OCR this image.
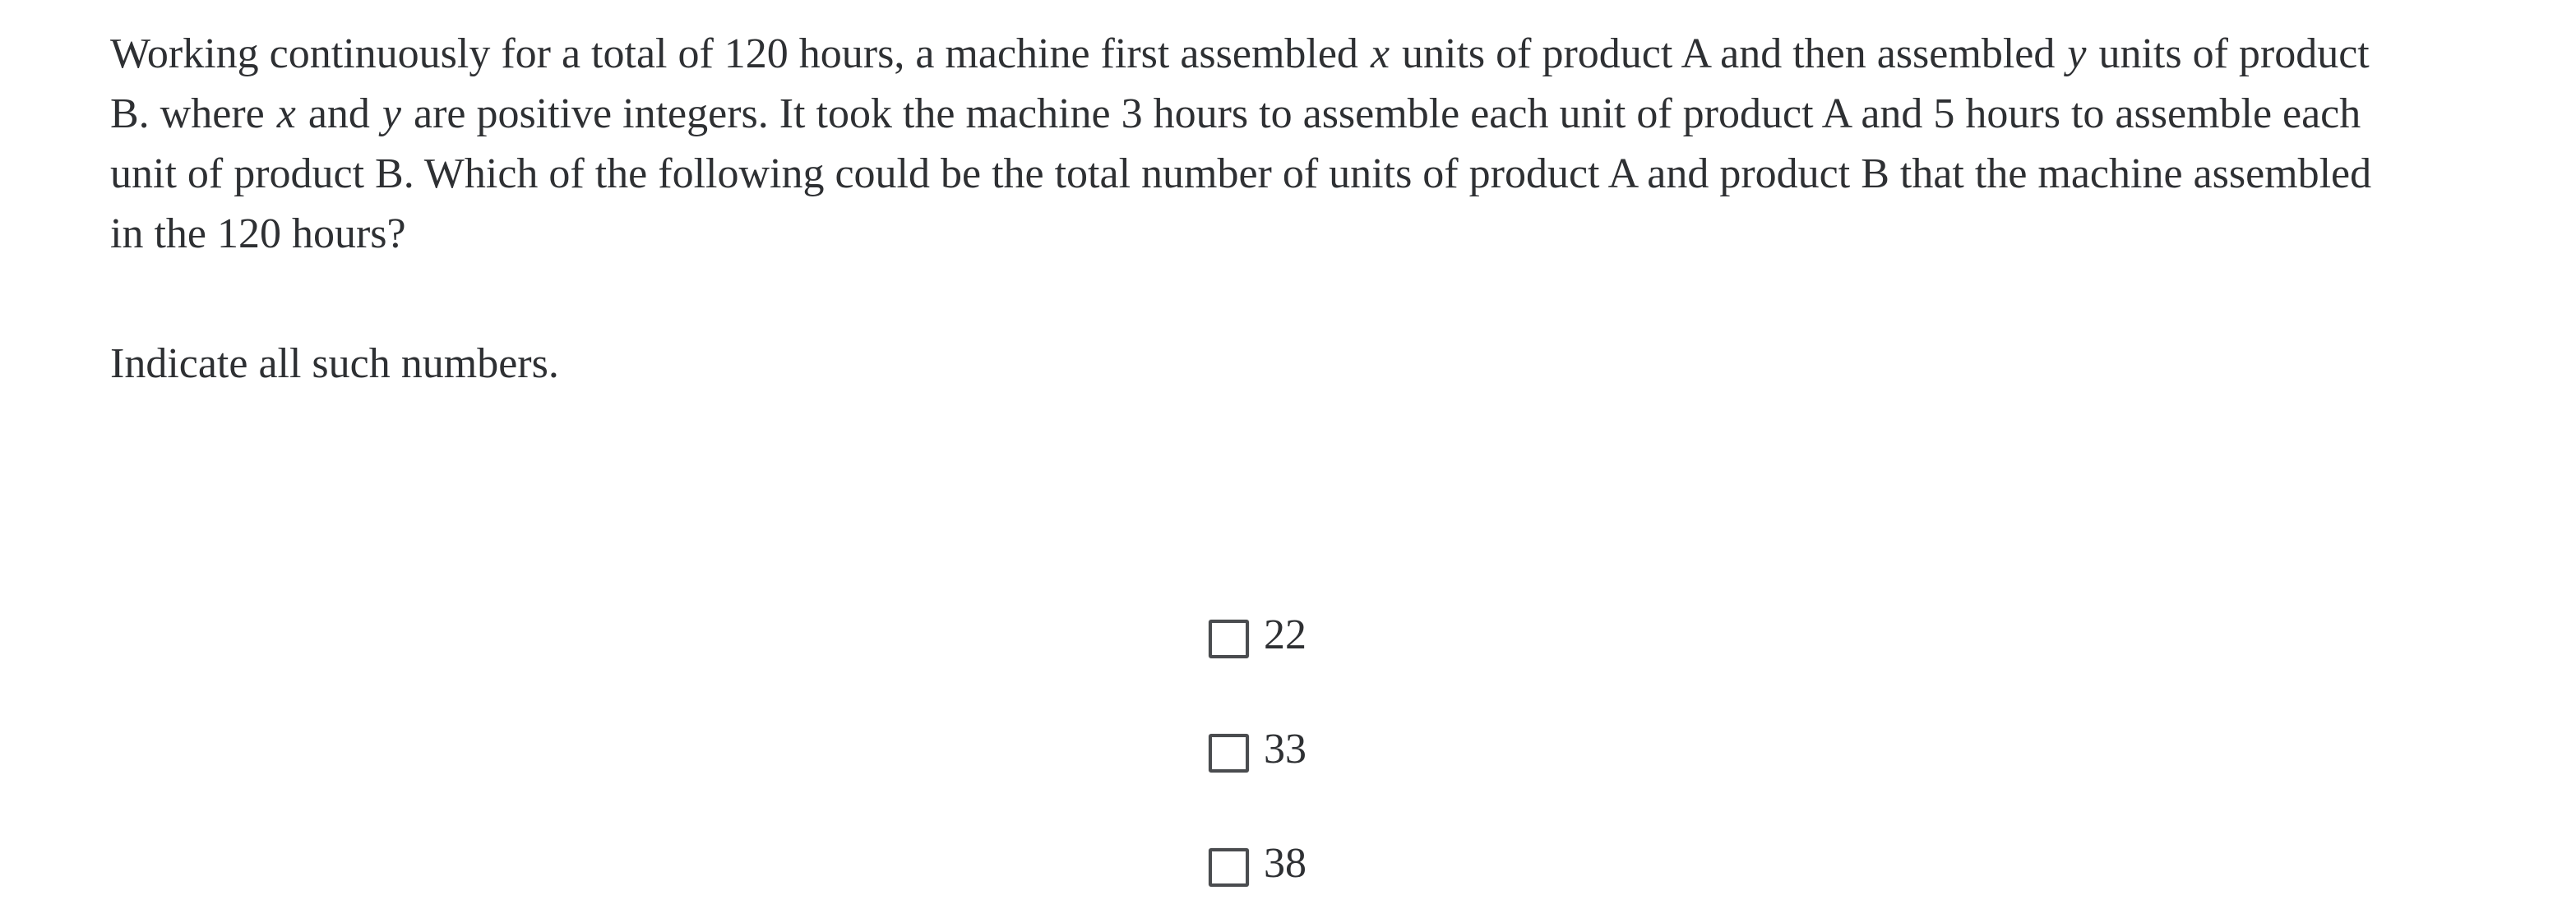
Working continuously for a total of 120 hours, a machine first assembled x units of product A and then assembled y units of product
B. where x and y are positive integers. It took the machine 3 hours to assemble each unit of product A and 5 hours to assemble each
unit of product B. Which of the following could be the total number of units of product A and product B that the machine assembled
in the 120 hours?
Indicate all such numbers.
22
33
38
